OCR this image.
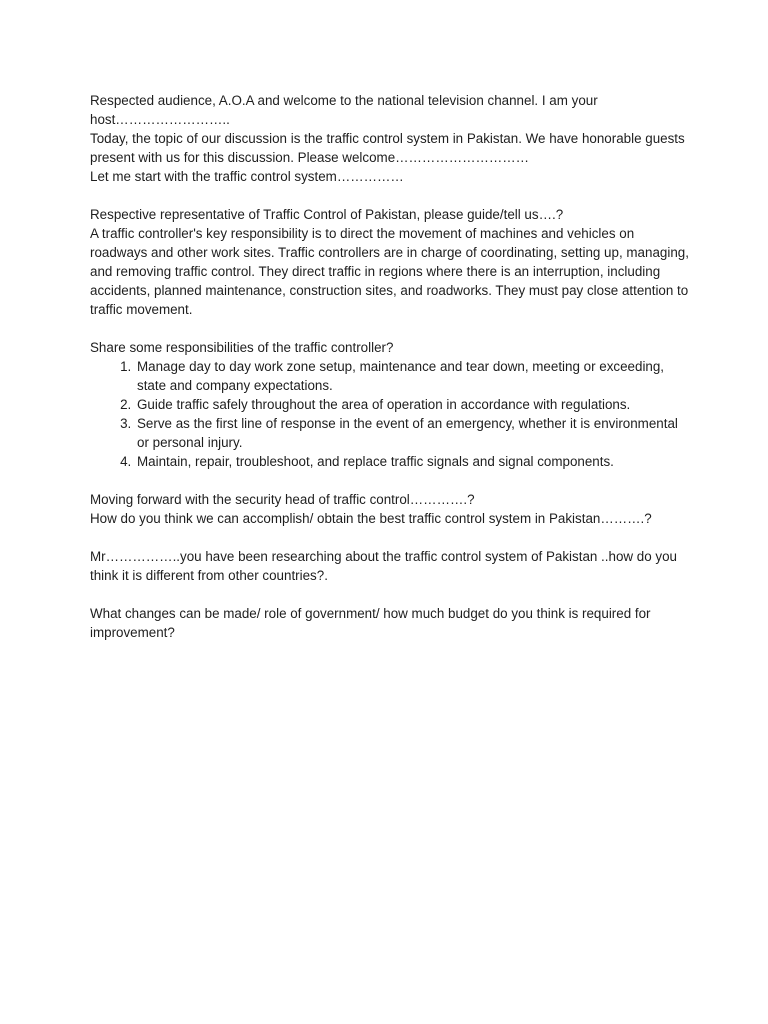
Respected audience, A.O.A and welcome to the national television channel. I am your host……………………..

Today, the topic of our discussion is the traffic control system in Pakistan. We have honorable guests present with us for this discussion. Please welcome…………………………

Let me start with the traffic control system……………

Respective representative of Traffic Control of Pakistan, please guide/tell us….?

A traffic controller's key responsibility is to direct the movement of machines and vehicles on roadways and other work sites. Traffic controllers are in charge of coordinating, setting up, managing, and removing traffic control. They direct traffic in regions where there is an interruption, including accidents, planned maintenance, construction sites, and roadworks. They must pay close attention to traffic movement.

Share some responsibilities of the traffic controller?

1. Manage day to day work zone setup, maintenance and tear down, meeting or exceeding, state and company expectations.
2. Guide traffic safely throughout the area of operation in accordance with regulations.
3. Serve as the first line of response in the event of an emergency, whether it is environmental or personal injury.
4. Maintain, repair, troubleshoot, and replace traffic signals and signal components.

Moving forward with the security head of traffic control………….?

How do you think we can accomplish/ obtain the best traffic control system in Pakistan……….?

Mr……………..you have been researching about the traffic control system of Pakistan ..how do you think it is different from other countries?.

What changes can be made/ role of government/ how much budget do you think is required for improvement?
